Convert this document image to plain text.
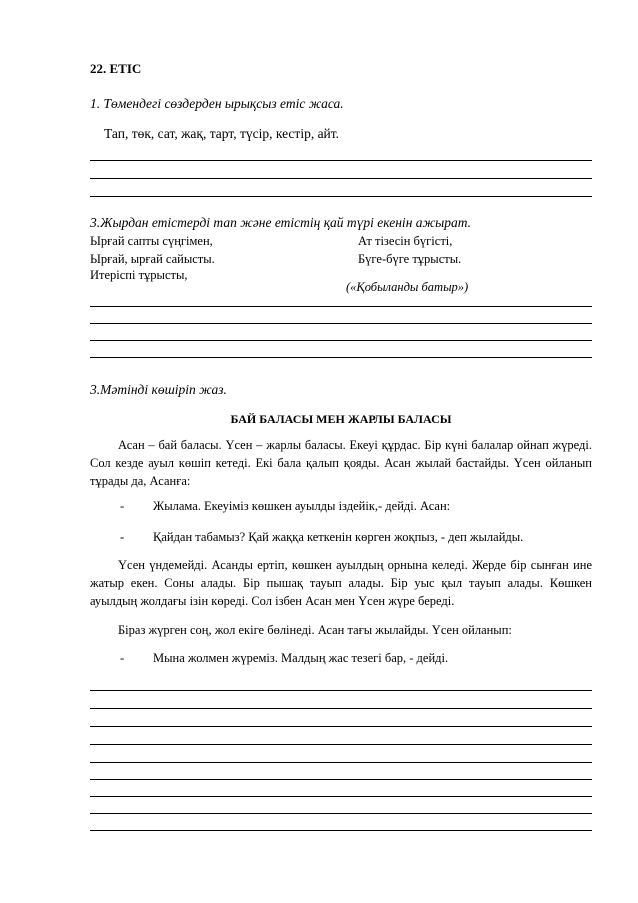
22. ЕТІС
1. Төмендегі сөздерден ырықсыз етіс жаса.
Тап, төк, сат, жақ, тарт, түсір, кестір, айт.
3.Жырдан етістерді тап және етістің қай түрі екенін ажырат.
Ырғай сапты сүңгімен,
Ырғай, ырғай сайысты.
Итеріспі тұрысты,
Ат тізесін бүгісті,
Бүге-бүге тұрысты.
(«Қобыланды батыр»)
3.Мәтінді көшіріп жаз.
БАЙ БАЛАСЫ МЕН ЖАРЛЫ БАЛАСЫ
Асан – бай баласы. Үсен – жарлы баласы. Екеуі құрдас. Бір күні балалар ойнап жүреді. Сол кезде ауыл көшіп кетеді. Екі бала қалып қояды. Асан жылай бастайды. Үсен ойланып тұрады да, Асанға:
- Жылама. Екеуіміз көшкен ауылды іздейік,- дейді. Асан:
- Қайдан табамыз? Қай жаққа кеткенін көрген жоқпыз, - деп жылайды.
Үсен үндемейді. Асанды ертіп, көшкен ауылдың орнына келеді. Жерде бір сынған ине жатыр екен. Соны алады. Бір пышақ тауып алады. Бір уыс қыл тауып алады. Көшкен ауылдың жолдағы ізін көреді. Сол ізбен Асан мен Үсен жүре береді.
Біраз жүрген соң, жол екіге бөлінеді. Асан тағы жылайды. Үсен ойланып:
- Мына жолмен жүреміз. Малдың жас тезегі бар, - дейді.
